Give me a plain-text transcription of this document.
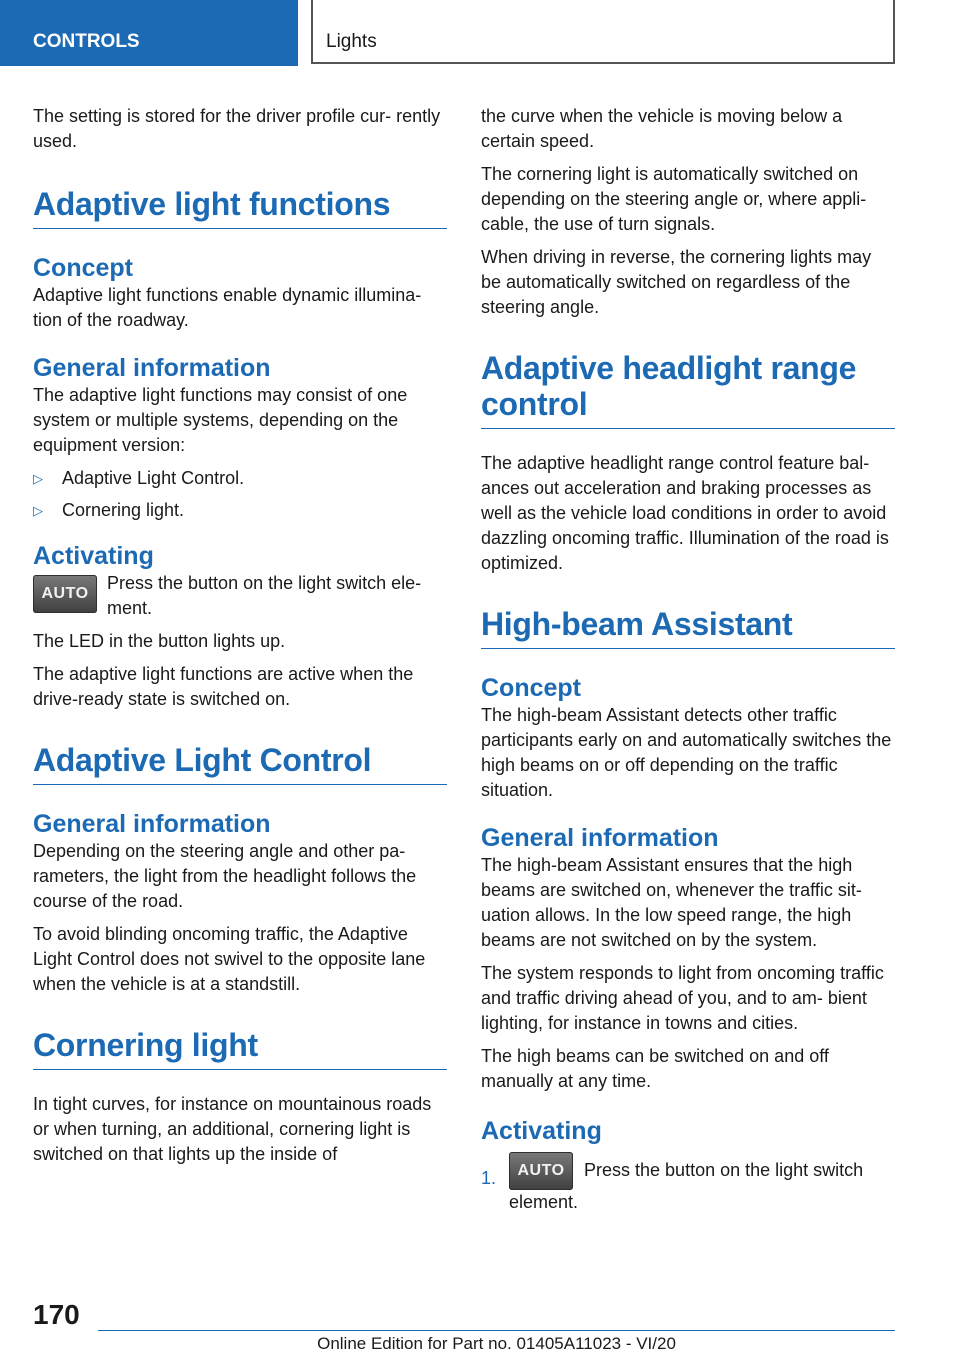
CONTROLS	Lights

The setting is stored for the driver profile cur‐ rently used.

Adaptive light functions
Concept

Adaptive light functions enable dynamic illumina‐ tion of the roadway.

General information

The adaptive light functions may consist of one system or multiple systems, depending on the equipment version:

▷ Adaptive Light Control.
▷ Cornering light.
Activating
AUTO

Press the button on the light switch ele‐ ment.

The LED in the button lights up.

The adaptive light functions are active when the drive-ready state is switched on.

Adaptive Light Control
General information

Depending on the steering angle and other pa‐ rameters, the light from the headlight follows the course of the road.

To avoid blinding oncoming traffic, the Adaptive Light Control does not swivel to the opposite lane when the vehicle is at a standstill.

Cornering light

In tight curves, for instance on mountainous roads or when turning, an additional, cornering light is switched on that lights up the inside of

the curve when the vehicle is moving below a certain speed.

The cornering light is automatically switched on depending on the steering angle or, where appli‐ cable, the use of turn signals.

When driving in reverse, the cornering lights may be automatically switched on regardless of the steering angle.

Adaptive headlight range control

The adaptive headlight range control feature bal‐ ances out acceleration and braking processes as well as the vehicle load conditions in order to avoid dazzling oncoming traffic. Illumination of the road is optimized.

High-beam Assistant
Concept

The high-beam Assistant detects other traffic participants early on and automatically switches the high beams on or off depending on the traffic situation.

General information

The high-beam Assistant ensures that the high beams are switched on, whenever the traffic sit‐ uation allows. In the low speed range, the high beams are not switched on by the system.

The system responds to light from oncoming traffic and traffic driving ahead of you, and to am‐ bient lighting, for instance in towns and cities.

The high beams can be switched on and off manually at any time.

Activating
1. AUTO Press the button on the light switch element.
170
Online Edition for Part no. 01405A11023 - VI/20
